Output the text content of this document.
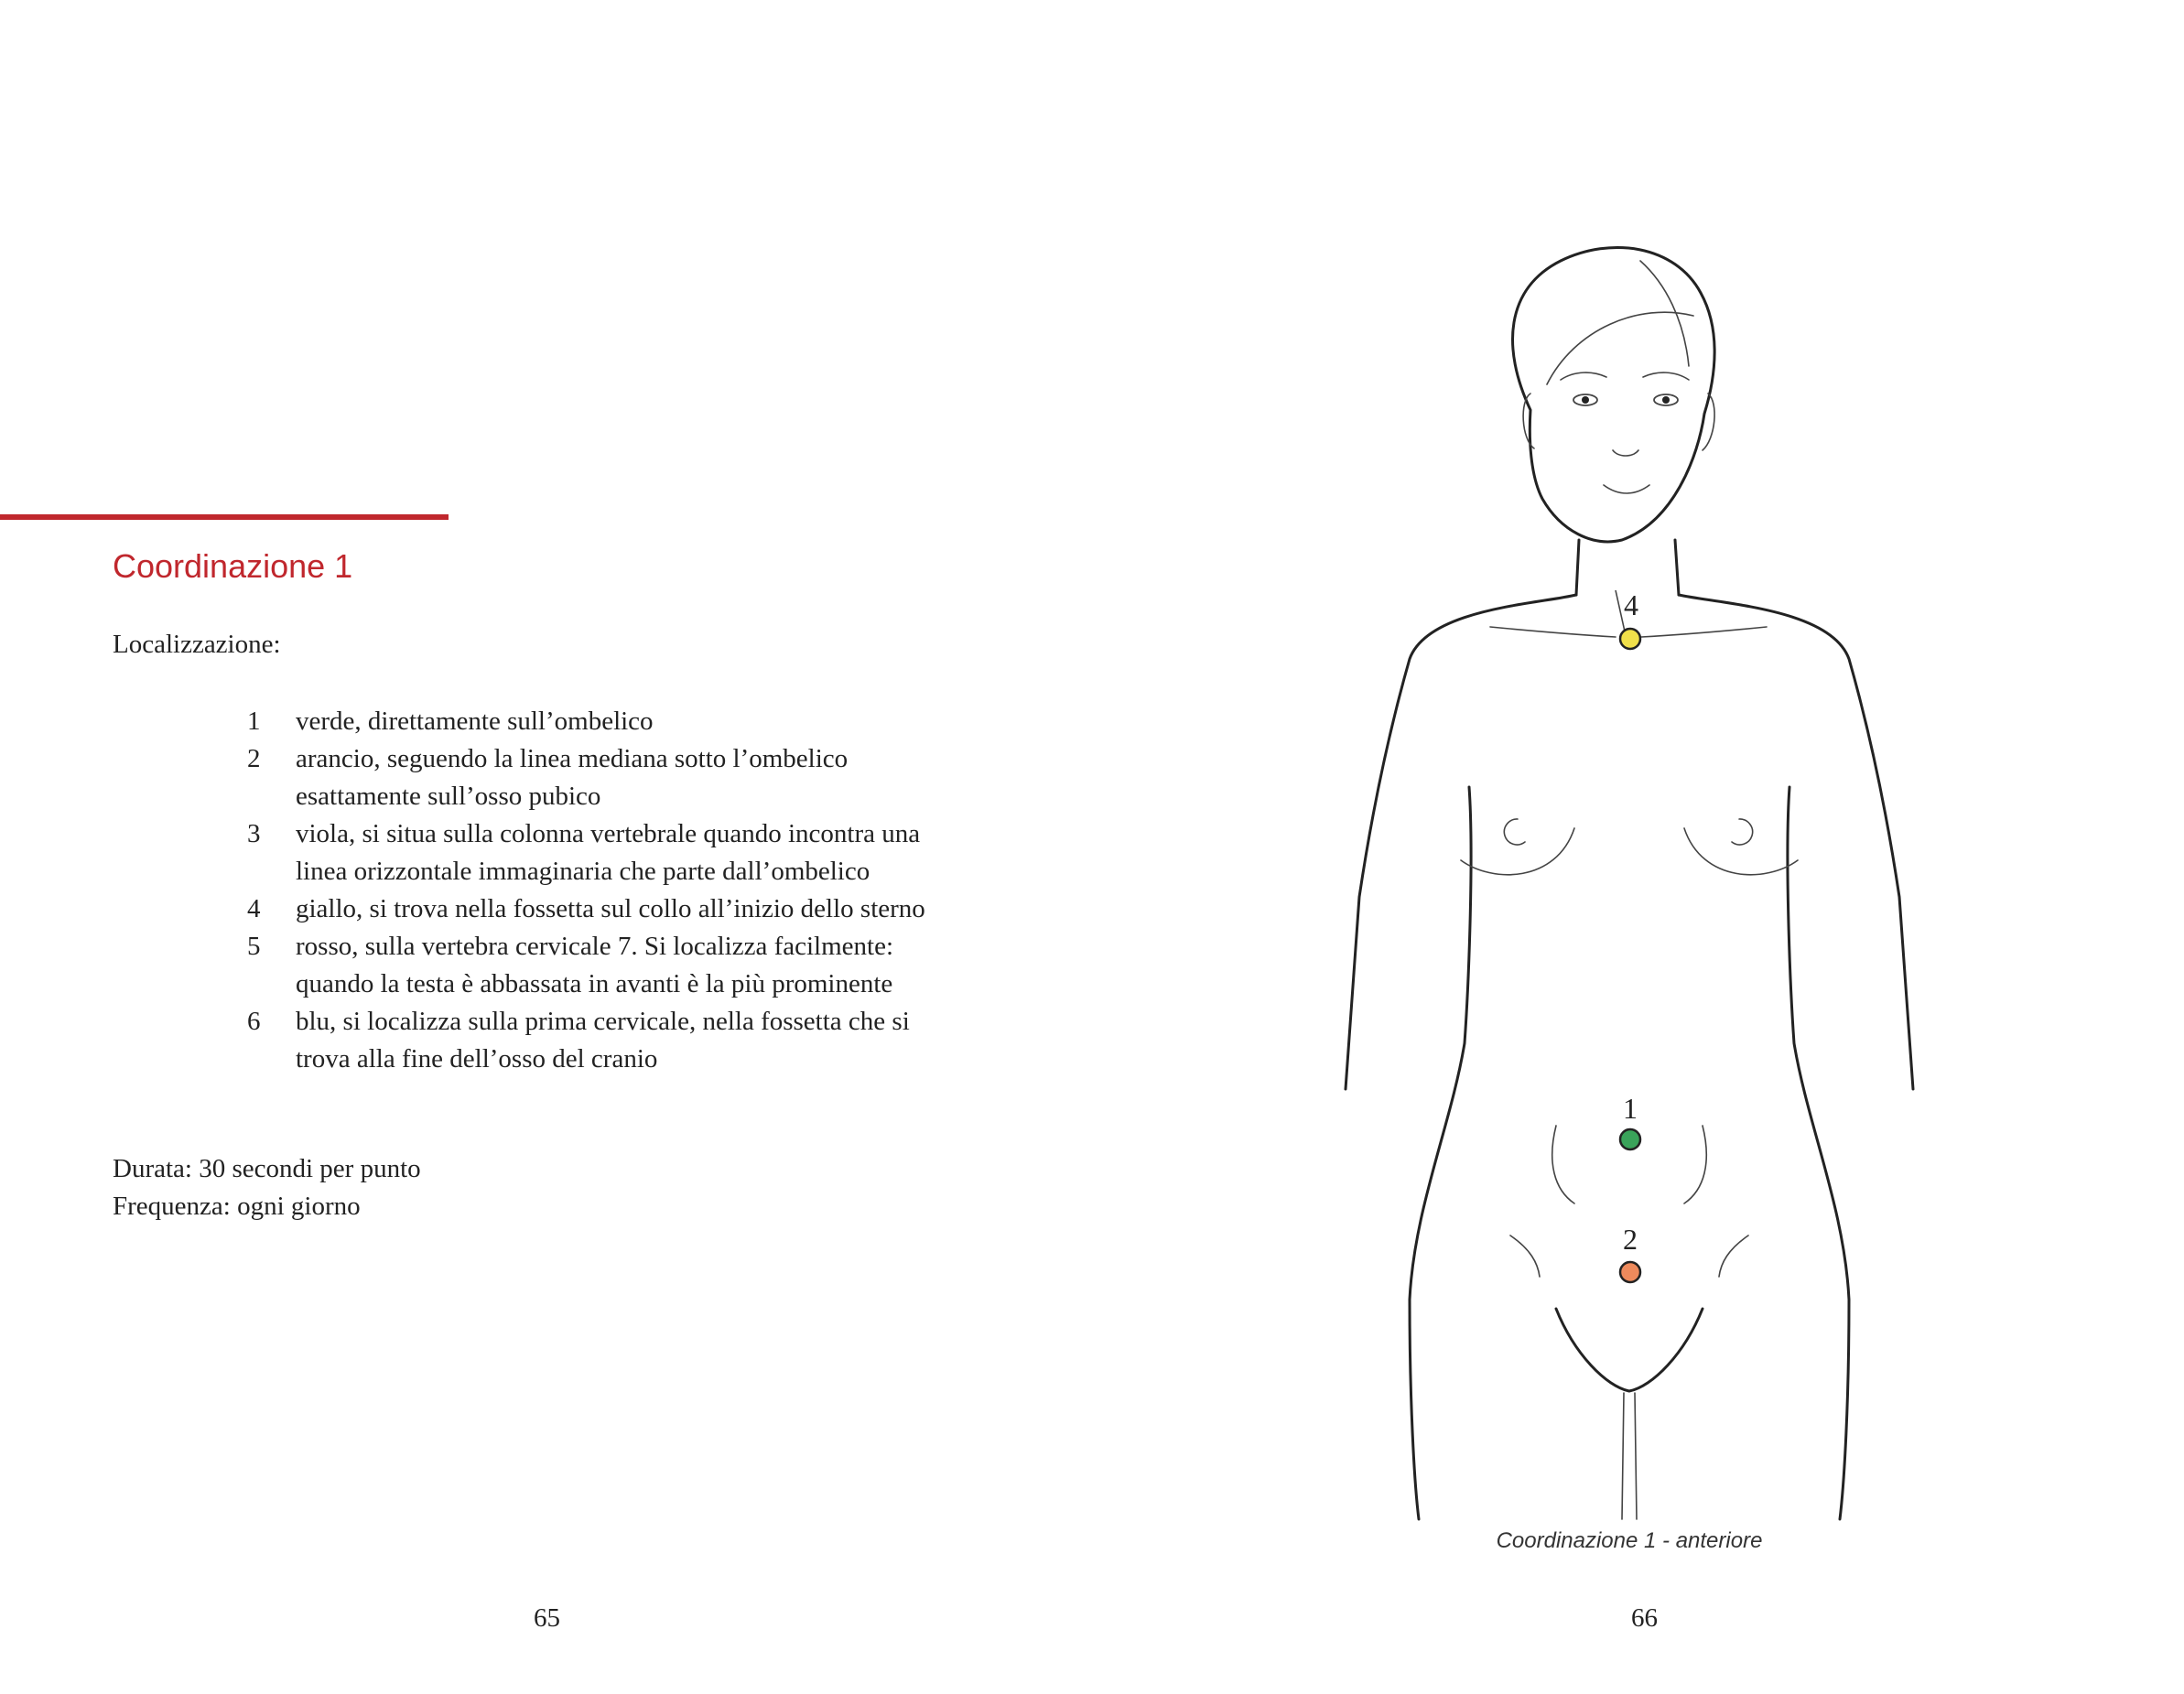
Coordinazione 1
Localizzazione:
1	verde, direttamente sull’ombelico
2	arancio, seguendo la linea mediana sotto l’ombelico
esattamente sull’osso pubico
3	viola, si situa sulla colonna vertebrale quando incontra una
linea orizzontale immaginaria che parte dall’ombelico
4	giallo, si trova nella fossetta sul collo all’inizio dello sterno
5	rosso, sulla vertebra cervicale 7. Si localizza facilmente:
quando la testa è abbassata in avanti è la più prominente
6	blu, si localizza sulla prima cervicale, nella fossetta che si
trova alla fine dell’osso del cranio
Durata: 30 secondi per punto
Frequenza: ogni giorno
65
4
1
2
Coordinazione 1 - anteriore
66
